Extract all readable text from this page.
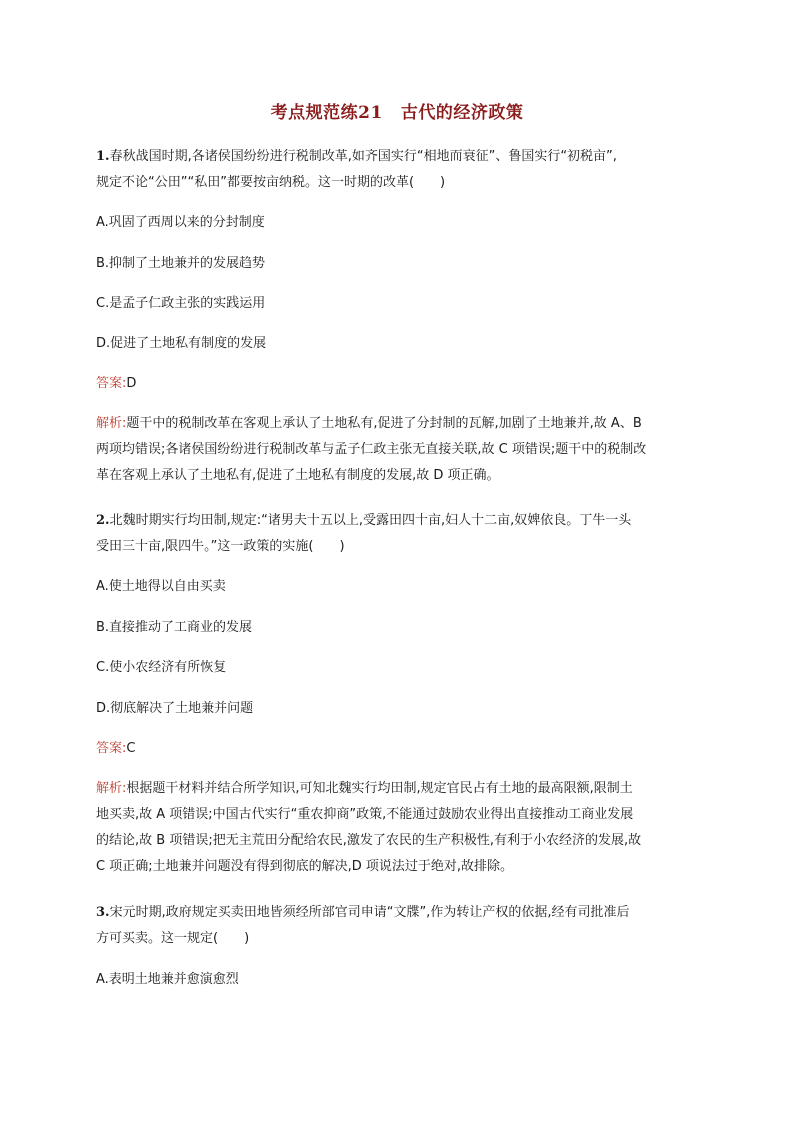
考点规范练21 古代的经济政策
1.春秋战国时期,各诸侯国纷纷进行税制改革,如齐国实行“相地而衰征”、鲁国实行“初税亩”,
规定不论“公田”“私田”都要按亩纳税。这一时期的改革(　　)
A.巩固了西周以来的分封制度
B.抑制了土地兼并的发展趋势
C.是孟子仁政主张的实践运用
D.促进了土地私有制度的发展
答案:D
解析:题干中的税制改革在客观上承认了土地私有,促进了分封制的瓦解,加剧了土地兼并,故 A、B
两项均错误;各诸侯国纷纷进行税制改革与孟子仁政主张无直接关联,故 C 项错误;题干中的税制改
革在客观上承认了土地私有,促进了土地私有制度的发展,故 D 项正确。
2.北魏时期实行均田制,规定:“诸男夫十五以上,受露田四十亩,妇人十二亩,奴婢依良。丁牛一头
受田三十亩,限四牛。”这一政策的实施(　　)
A.使土地得以自由买卖
B.直接推动了工商业的发展
C.使小农经济有所恢复
D.彻底解决了土地兼并问题
答案:C
解析:根据题干材料并结合所学知识,可知北魏实行均田制,规定官民占有土地的最高限额,限制土
地买卖,故 A 项错误;中国古代实行“重农抑商”政策,不能通过鼓励农业得出直接推动工商业发展
的结论,故 B 项错误;把无主荒田分配给农民,激发了农民的生产积极性,有利于小农经济的发展,故
C 项正确;土地兼并问题没有得到彻底的解决,D 项说法过于绝对,故排除。
3.宋元时期,政府规定买卖田地皆须经所部官司申请“文牒”,作为转让产权的依据,经有司批准后
方可买卖。这一规定(　　)
A.表明土地兼并愈演愈烈
